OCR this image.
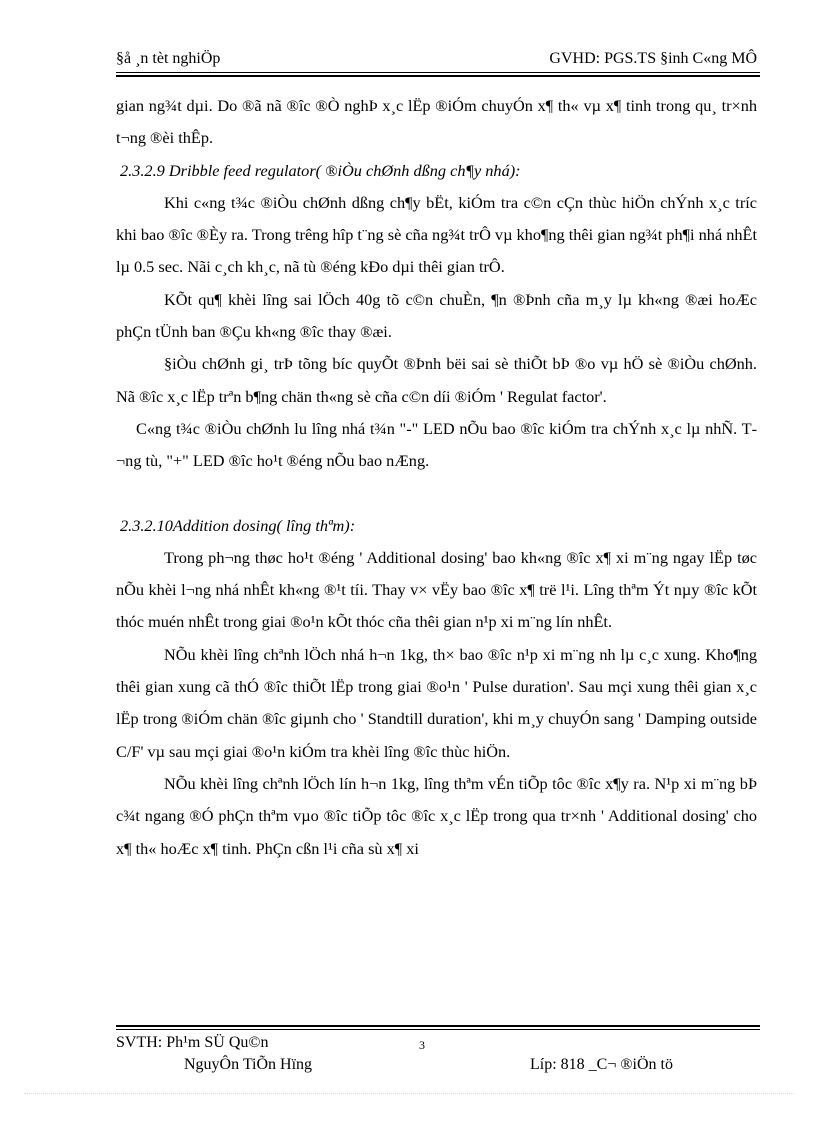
§å ¸n tèt nghiÖp	GVHD: PGS.TS §inh C«ng MÔ

gian ng¾t dµi. Do ®ã nã ®îc ®Ò nghÞ x¸c lËp ®iÓm chuyÓn x¶ th« vµ x¶ tinh trong qu¸ tr×nh t¬ng ®èi thÊp.

2.3.2.9 Dribble feed regulator( ®iÒu chØnh dßng ch¶y nhá):

Khi c«ng t¾c ®iÒu chØnh dßng ch¶y bËt, kiÓm tra c©n cÇn thùc hiÖn chÝnh x¸c tríc khi bao ®îc ®Èy ra. Trong trêng hîp t¨ng sè cña ng¾t trÔ vµ kho¶ng thêi gian ng¾t ph¶i nhá nhÊt lµ 0.5 sec. Nãi c¸ch kh¸c, nã tù ®éng kÐo dµi thêi gian trÔ.

KÕt qu¶ khèi lîng sai lÖch 40g tõ c©n chuÈn, ¶n ®Þnh cña m¸y lµ kh«ng ®æi hoÆc phÇn tÜnh ban ®Çu kh«ng ®îc thay ®æi.

§iÒu chØnh gi¸ trÞ tõng bíc quyÕt ®Þnh bëi sai sè thiÕt bÞ ®o vµ hÖ sè ®iÒu chØnh. Nã ®îc x¸c lËp trªn b¶ng chän th«ng sè cña c©n díi ®iÓm ' Regulat factor'.

C«ng t¾c ®iÒu chØnh lu lîng nhá t¾n "-" LED nÕu bao ®îc kiÓm tra chÝnh x¸c lµ nhÑ. T¬ng tù, "+" LED ®îc ho¹t ®éng nÕu bao nÆng.

2.3.2.10Addition dosing( lîng thªm):

Trong ph¬ng thøc ho¹t ®éng ' Additional dosing' bao kh«ng ®îc x¶ xi m¨ng ngay lËp tøc nÕu khèi l¬ng nhá nhÊt kh«ng ®¹t tíi. Thay v× vËy bao ®îc x¶ trë l¹i. Lîng thªm Ýt nµy ®îc kÕt thóc muén nhÊt trong giai ®o¹n kÕt thóc cña thêi gian n¹p xi m¨ng lín nhÊt.

NÕu khèi lîng chªnh lÖch nhá h¬n 1kg, th× bao ®îc n¹p xi m¨ng nh lµ c¸c xung. Kho¶ng thêi gian xung cã thÓ ®îc thiÕt lËp trong giai ®o¹n ' Pulse duration'. Sau mçi xung thêi gian x¸c lËp trong ®iÓm chän ®îc giµnh cho ' Standtill duration', khi m¸y chuyÓn sang ' Damping outside C/F' vµ sau mçi giai ®o¹n kiÓm tra khèi lîng ®îc thùc hiÖn.

NÕu khèi lîng chªnh lÖch lín h¬n 1kg, lîng thªm vÉn tiÕp tôc ®îc x¶y ra. N¹p xi m¨ng bÞ c¾t ngang ®Ó phÇn thªm vµo ®îc tiÕp tôc ®îc x¸c lËp trong qua tr×nh ' Additional dosing' cho x¶ th« hoÆc x¶ tinh. PhÇn cßn l¹i cña sù x¶ xi

SVTH: Ph¹m SÜ Qu©n	3
NguyÔn TiÕn Hïng	Líp: 818 _C¬ ®iÖn tö
